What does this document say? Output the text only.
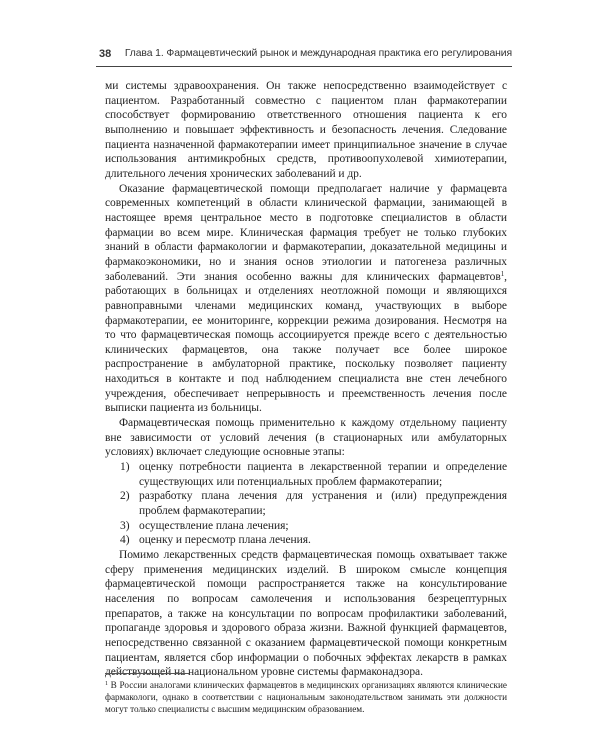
38 Глава 1. Фармацевтический рынок и международная практика его регулирования

ми системы здравоохранения. Он также непосредственно взаимодействует с пациентом. Разработанный совместно с пациентом план фармакотерапии способствует формированию ответственного отношения пациента к его выполнению и повышает эффективность и безопасность лечения. Следование пациента назначенной фармакотерапии имеет принципиальное значение в случае использования антимикробных средств, противоопухолевой химиотерапии, длительного лечения хронических заболеваний и др.

Оказание фармацевтической помощи предполагает наличие у фармацевта современных компетенций в области клинической фармации, занимающей в настоящее время центральное место в подготовке специалистов в области фармации во всем мире. Клиническая фармация требует не только глубоких знаний в области фармакологии и фармакотерапии, доказательной медицины и фармакоэкономики, но и знания основ этиологии и патогенеза различных заболеваний. Эти знания особенно важны для клинических фармацевтов$^1$, работающих в больницах и отделениях неотложной помощи и являющихся равноправными членами медицинских команд, участвующих в выборе фармакотерапии, ее мониторинге, коррекции режима дозирования. Несмотря на то что фармацевтическая помощь ассоциируется прежде всего с деятельностью клинических фармацевтов, она также получает все более широкое распространение в амбулаторной практике, поскольку позволяет пациенту находиться в контакте и под наблюдением специалиста вне стен лечебного учреждения, обеспечивает непрерывность и преемственность лечения после выписки пациента из больницы.

Фармацевтическая помощь применительно к каждому отдельному пациенту вне зависимости от условий лечения (в стационарных или амбулаторных условиях) включает следующие основные этапы:

1) оценку потребности пациента в лекарственной терапии и определение существующих или потенциальных проблем фармакотерапии;
2) разработку плана лечения для устранения и (или) предупреждения проблем фармакотерапии;
3) осуществление плана лечения;
4) оценку и пересмотр плана лечения.

Помимо лекарственных средств фармацевтическая помощь охватывает также сферу применения медицинских изделий. В широком смысле концепция фармацевтической помощи распространяется также на консультирование населения по вопросам самолечения и использования безрецептурных препаратов, а также на консультации по вопросам профилактики заболеваний, пропаганде здоровья и здорового образа жизни. Важной функцией фармацевтов, непосредственно связанной с оказанием фармацевтической помощи конкретным пациентам, является сбор информации о побочных эффектах лекарств в рамках действующей на национальном уровне системы фармаконадзора.

$^1$ В России аналогами клинических фармацевтов в медицинских организациях являются клинические фармакологи, однако в соответствии с национальным законодательством занимать эти должности могут только специалисты с высшим медицинским образованием.
